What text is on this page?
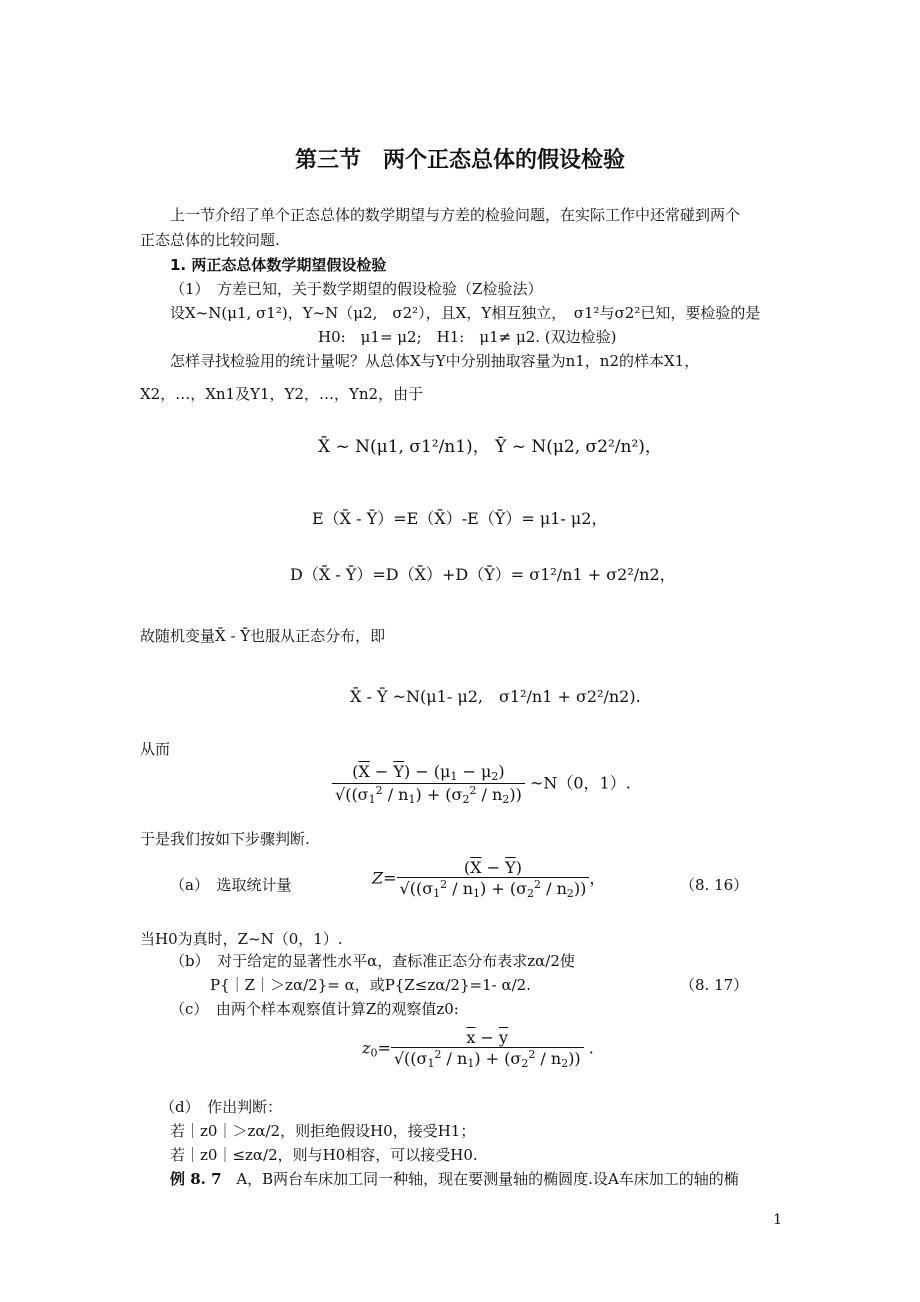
第三节　两个正态总体的假设检验
上一节介绍了单个正态总体的数学期望与方差的检验问题，在实际工作中还常碰到两个
正态总体的比较问题.
1. 两正态总体数学期望假设检验
（1）　方差已知，关于数学期望的假设检验（Z检验法）
设X~N(μ1, σ1²)，Y~N（μ2,　σ2²），且X，Y相互独立，　σ1²与σ2²已知，要检验的是
H0:　μ1= μ2;　H1:　μ1≠ μ2. (双边检验)
怎样寻找检验用的统计量呢？从总体X与Y中分别抽取容量为n1，n2的样本X1，
X2，…，Xn1及Y1，Y2，…，Yn2，由于
X̄ ~ N(μ1, σ1²/n1)， Ȳ ~ N(μ2, σ2²/n²)，
E（X̄ - Ȳ）=E（X̄）-E（Ȳ）= μ1- μ2，
D（X̄ - Ȳ）=D（X̄）+D（Ȳ）= σ1²/n1 + σ2²/n2，
故随机变量X̄ - Ȳ也服从正态分布，即
X̄ - Ȳ ~N(μ1- μ2,　σ1²/n1 + σ2²/n2).
从而
$\frac{(\overline{X} - \overline{Y}) - (\mu_1 - \mu_2)}{√((\sigma_1^2 / n_1) + (\sigma_2^2 / n_2))}$ ~N（0，1）.
于是我们按如下步骤判断.
（a）　选取统计量	$Z= \frac{(\overline{X} - \overline{Y})}{√((\sigma_1^2 / n_1) + (\sigma_2^2 / n_2))}$ ，	（8. 16）
当H0为真时，Z~N（0，1）.
（b）　对于给定的显著性水平α，查标准正态分布表求zα/2使
P{｜Z｜＞zα/2}= α，或P{Z≤zα/2}=1- α/2.	（8. 17）
（c）　由两个样本观察值计算Z的观察值z0:
$z_0= \frac{\overline{x} - \overline{y}}{√((\sigma_1^2 / n_1) + (\sigma_2^2 / n_2))}$ .
（d）　作出判断：
若｜z0｜＞zα/2，则拒绝假设H0，接受H1；
若｜z0｜≤zα/2，则与H0相容，可以接受H0.
例 8. 7 A，B两台车床加工同一种轴，现在要测量轴的椭圆度.设A车床加工的轴的椭
1
